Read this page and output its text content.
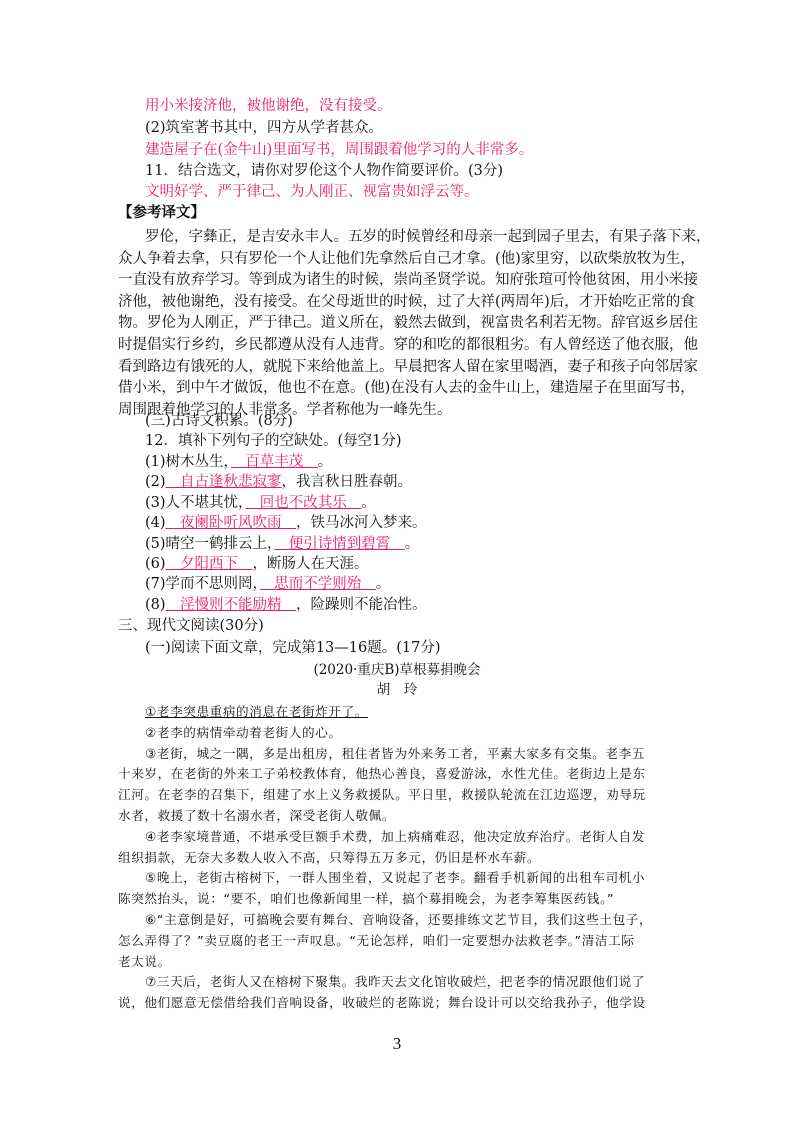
用小米接济他，被他谢绝，没有接受。
(2)筑室著书其中，四方从学者甚众。
建造屋子在(金牛山)里面写书，周围跟着他学习的人非常多。
11．结合选文，请你对罗伦这个人物作简要评价。(3分)
文明好学、严于律己、为人刚正、视富贵如浮云等。
【参考译文】
罗伦，字彝正，是吉安永丰人。五岁的时候曾经和母亲一起到园子里去，有果子落下来，
众人争着去拿，只有罗伦一个人让他们先拿然后自己才拿。(他)家里穷，以砍柴放牧为生，
一直没有放弃学习。等到成为诸生的时候，崇尚圣贤学说。知府张瑄可怜他贫困，用小米接
济他，被他谢绝，没有接受。在父母逝世的时候，过了大祥(两周年)后，才开始吃正常的食
物。罗伦为人刚正，严于律己。道义所在，毅然去做到，视富贵名利若无物。辞官返乡居住
时提倡实行乡约，乡民都遵从没有人违背。穿的和吃的都很粗劣。有人曾经送了他衣服，他
看到路边有饿死的人，就脱下来给他盖上。早晨把客人留在家里喝酒，妻子和孩子向邻居家
借小米，到中午才做饭，他也不在意。(他)在没有人去的金牛山上，建造屋子在里面写书，
周围跟着他学习的人非常多。学者称他为一峰先生。
(三)古诗文积累。(8分)
12．填补下列句子的空缺处。(每空1分)
(1)树木丛生，　百草丰茂　。
(2)　自古逢秋悲寂寥，我言秋日胜春朝。
(3)人不堪其忧，　回也不改其乐　。
(4)　夜阑卧听风吹雨　，铁马冰河入梦来。
(5)晴空一鹤排云上，　便引诗情到碧霄　。
(6)　夕阳西下　，断肠人在天涯。
(7)学而不思则罔，　思而不学则殆　。
(8)　淫慢则不能励精　，险躁则不能冶性。
三、现代文阅读(30分)
(一)阅读下面文章，完成第13—16题。(17分)
(2020·重庆B)草根募捐晚会
胡　玲
①老李突患重病的消息在老街炸开了。
②老李的病情牵动着老街人的心。
③老街，城之一隅，多是出租房，租住者皆为外来务工者，平素大家多有交集。老李五
十来岁，在老街的外来工子弟校教体育，他热心善良，喜爱游泳，水性尤佳。老街边上是东
江河。在老李的召集下，组建了水上义务救援队。平日里，救援队轮流在江边巡逻，劝导玩
水者，救援了数十名溺水者，深受老街人敬佩。
④老李家境普通，不堪承受巨额手术费，加上病痛难忍，他决定放弃治疗。老街人自发
组织捐款，无奈大多数人收入不高，只筹得五万多元，仍旧是杯水车薪。
⑤晚上，老街古榕树下，一群人围坐着，又说起了老李。翻看手机新闻的出租车司机小
陈突然抬头，说：“要不，咱们也像新闻里一样，搞个募捐晚会，为老李筹集医药钱。”
⑥“主意倒是好，可搞晚会要有舞台、音响设备，还要排练文艺节目，我们这些土包子，
怎么弄得了？”卖豆腐的老王一声叹息。“无论怎样，咱们一定要想办法救老李。”清洁工际
老太说。
⑦三天后，老街人又在榕树下聚集。我昨天去文化馆收破烂，把老李的情况跟他们说了
说，他们愿意无偿借给我们音响设备，收破烂的老陈说；舞台设计可以交给我孙子，他学设
3
